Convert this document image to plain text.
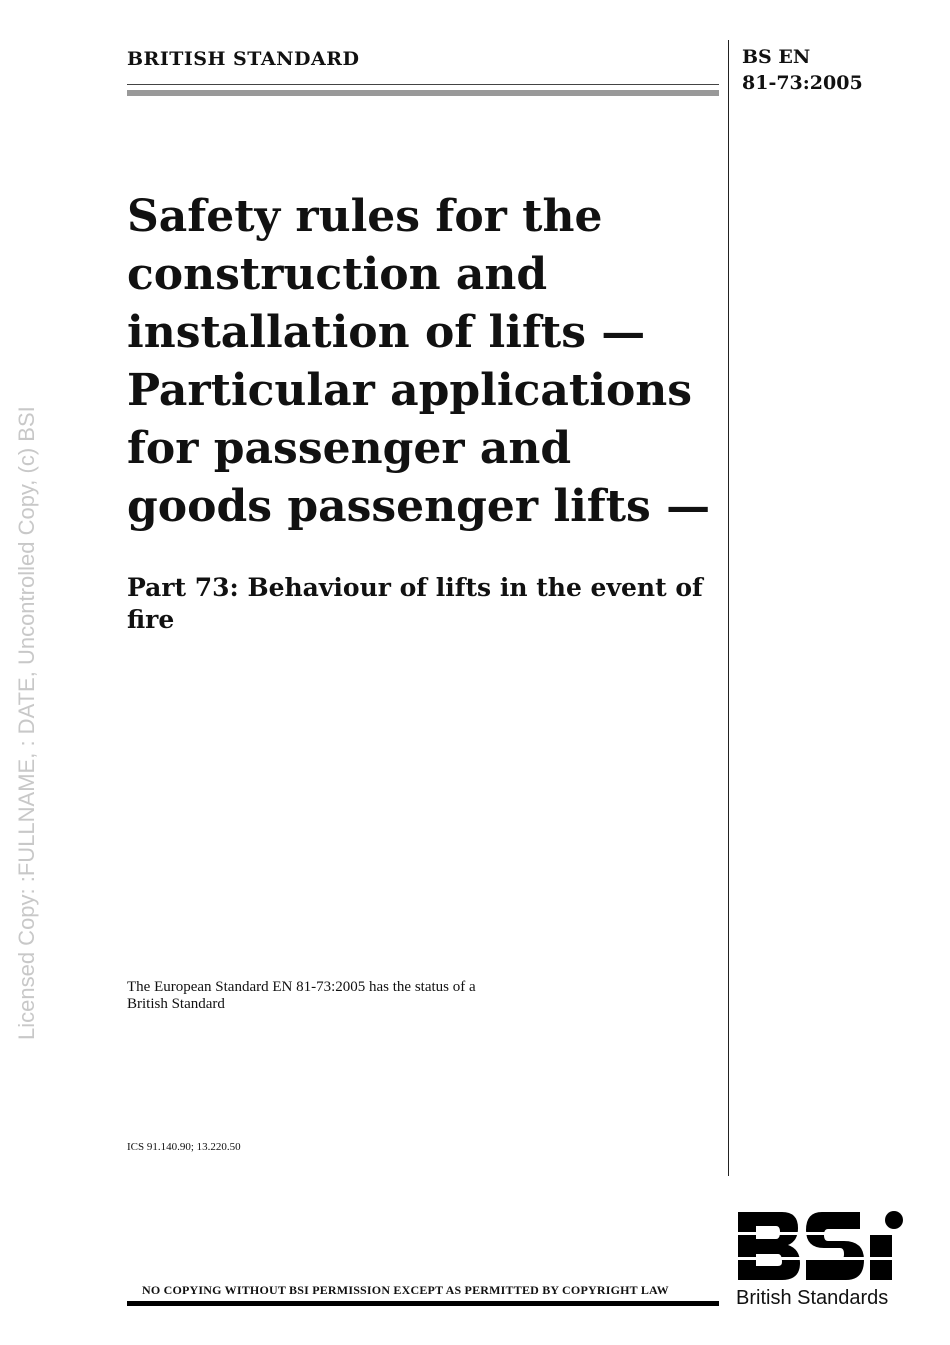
BRITISH STANDARD	BS EN
81-73:2005
Safety rules for the
construction and
installation of lifts —
Particular applications
for passenger and
goods passenger lifts —
Part 73: Behaviour of lifts in the event of
fire
The European Standard EN 81-73:2005 has the status of a
British Standard
ICS 91.140.90; 13.220.50
NO COPYING WITHOUT BSI PERMISSION EXCEPT AS PERMITTED BY COPYRIGHT LAW
Licensed Copy: :FULLNAME, : DATE, Uncontrolled Copy, (c) BSI
British Standards
